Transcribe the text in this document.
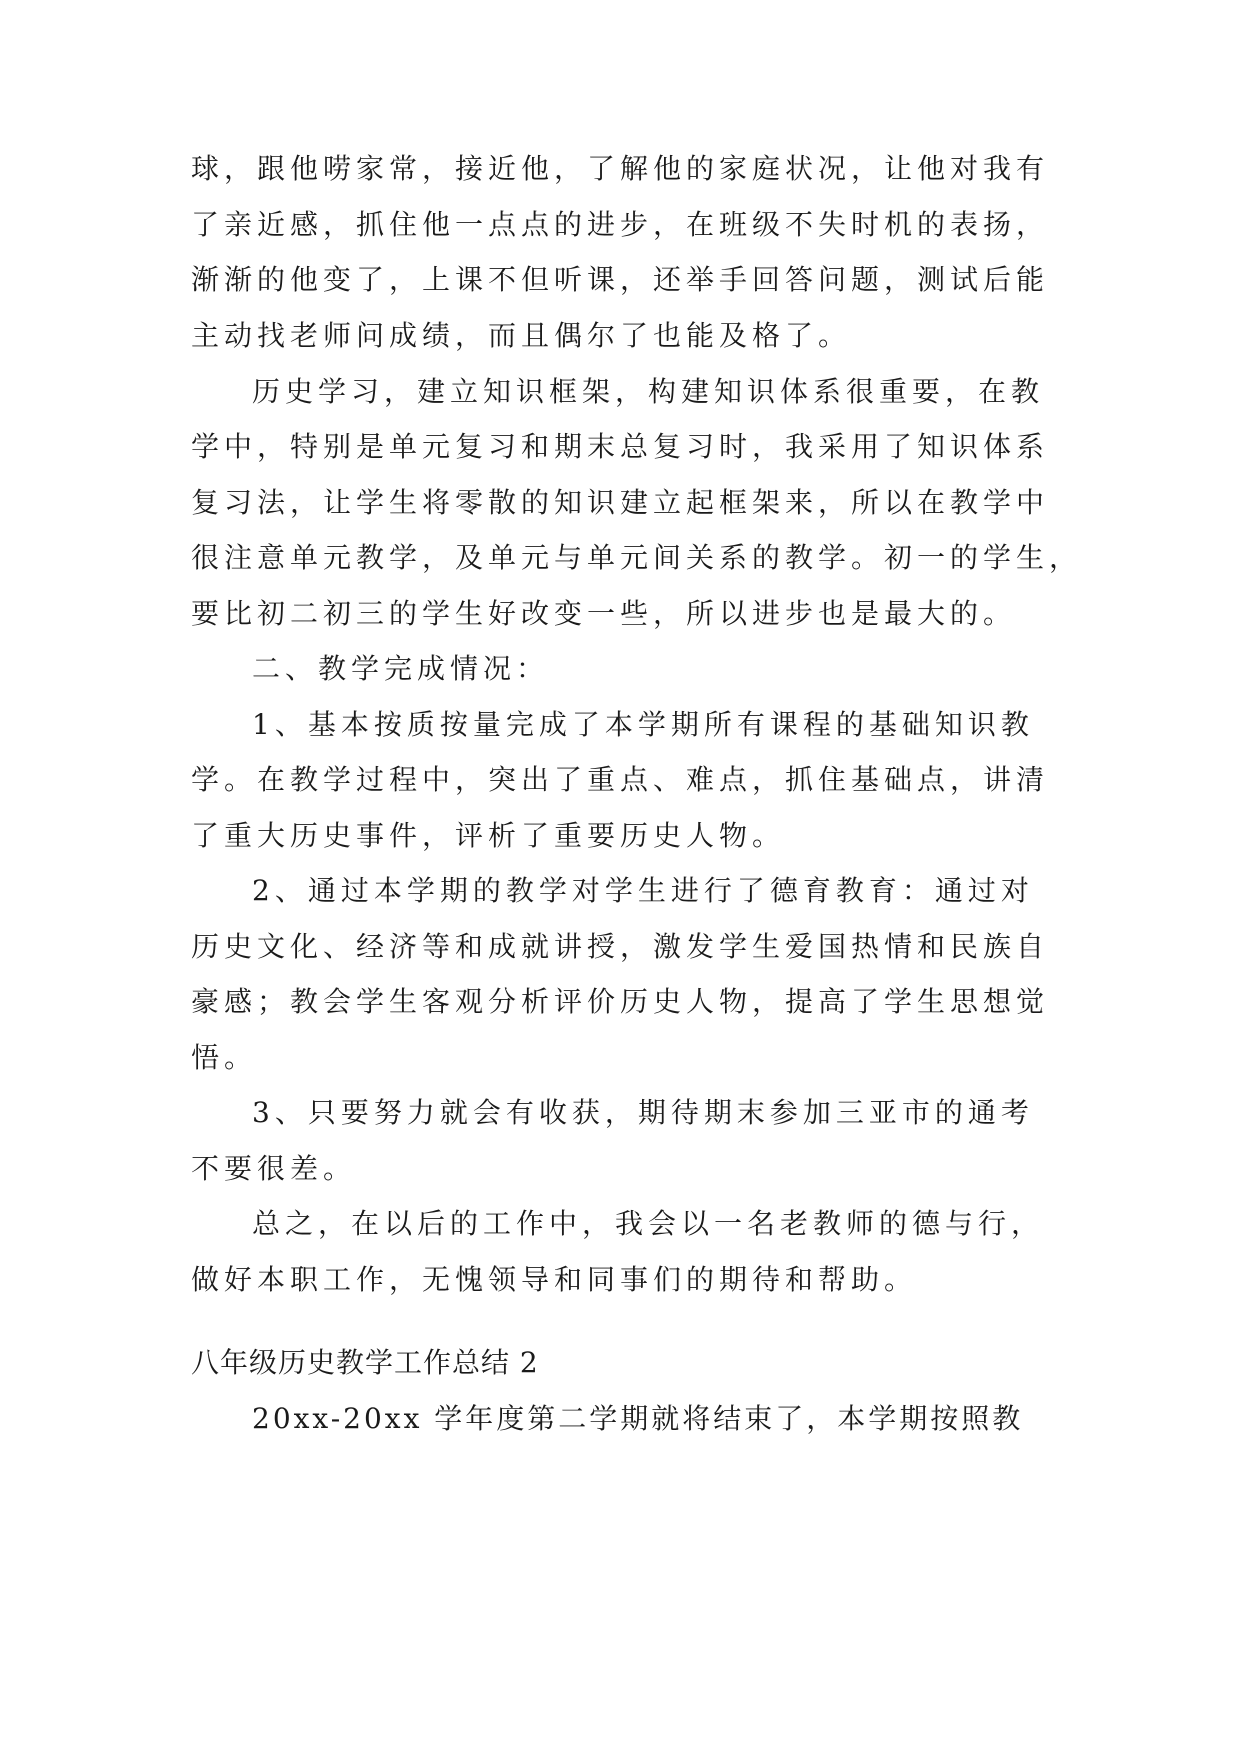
球，跟他唠家常，接近他，了解他的家庭状况，让他对我有
了亲近感，抓住他一点点的进步，在班级不失时机的表扬，
渐渐的他变了，上课不但听课，还举手回答问题，测试后能
主动找老师问成绩，而且偶尔了也能及格了。
历史学习，建立知识框架，构建知识体系很重要，在教
学中，特别是单元复习和期末总复习时，我采用了知识体系
复习法，让学生将零散的知识建立起框架来，所以在教学中
很注意单元教学，及单元与单元间关系的教学。初一的学生，
要比初二初三的学生好改变一些，所以进步也是最大的。
二、教学完成情况：
1、基本按质按量完成了本学期所有课程的基础知识教
学。在教学过程中，突出了重点、难点，抓住基础点，讲清
了重大历史事件，评析了重要历史人物。
2、通过本学期的教学对学生进行了德育教育：通过对
历史文化、经济等和成就讲授，激发学生爱国热情和民族自
豪感；教会学生客观分析评价历史人物，提高了学生思想觉
悟。
3、只要努力就会有收获，期待期末参加三亚市的通考
不要很差。
总之，在以后的工作中，我会以一名老教师的德与行，
做好本职工作，无愧领导和同事们的期待和帮助。
八年级历史教学工作总结 2
20xx-20xx 学年度第二学期就将结束了，本学期按照教
